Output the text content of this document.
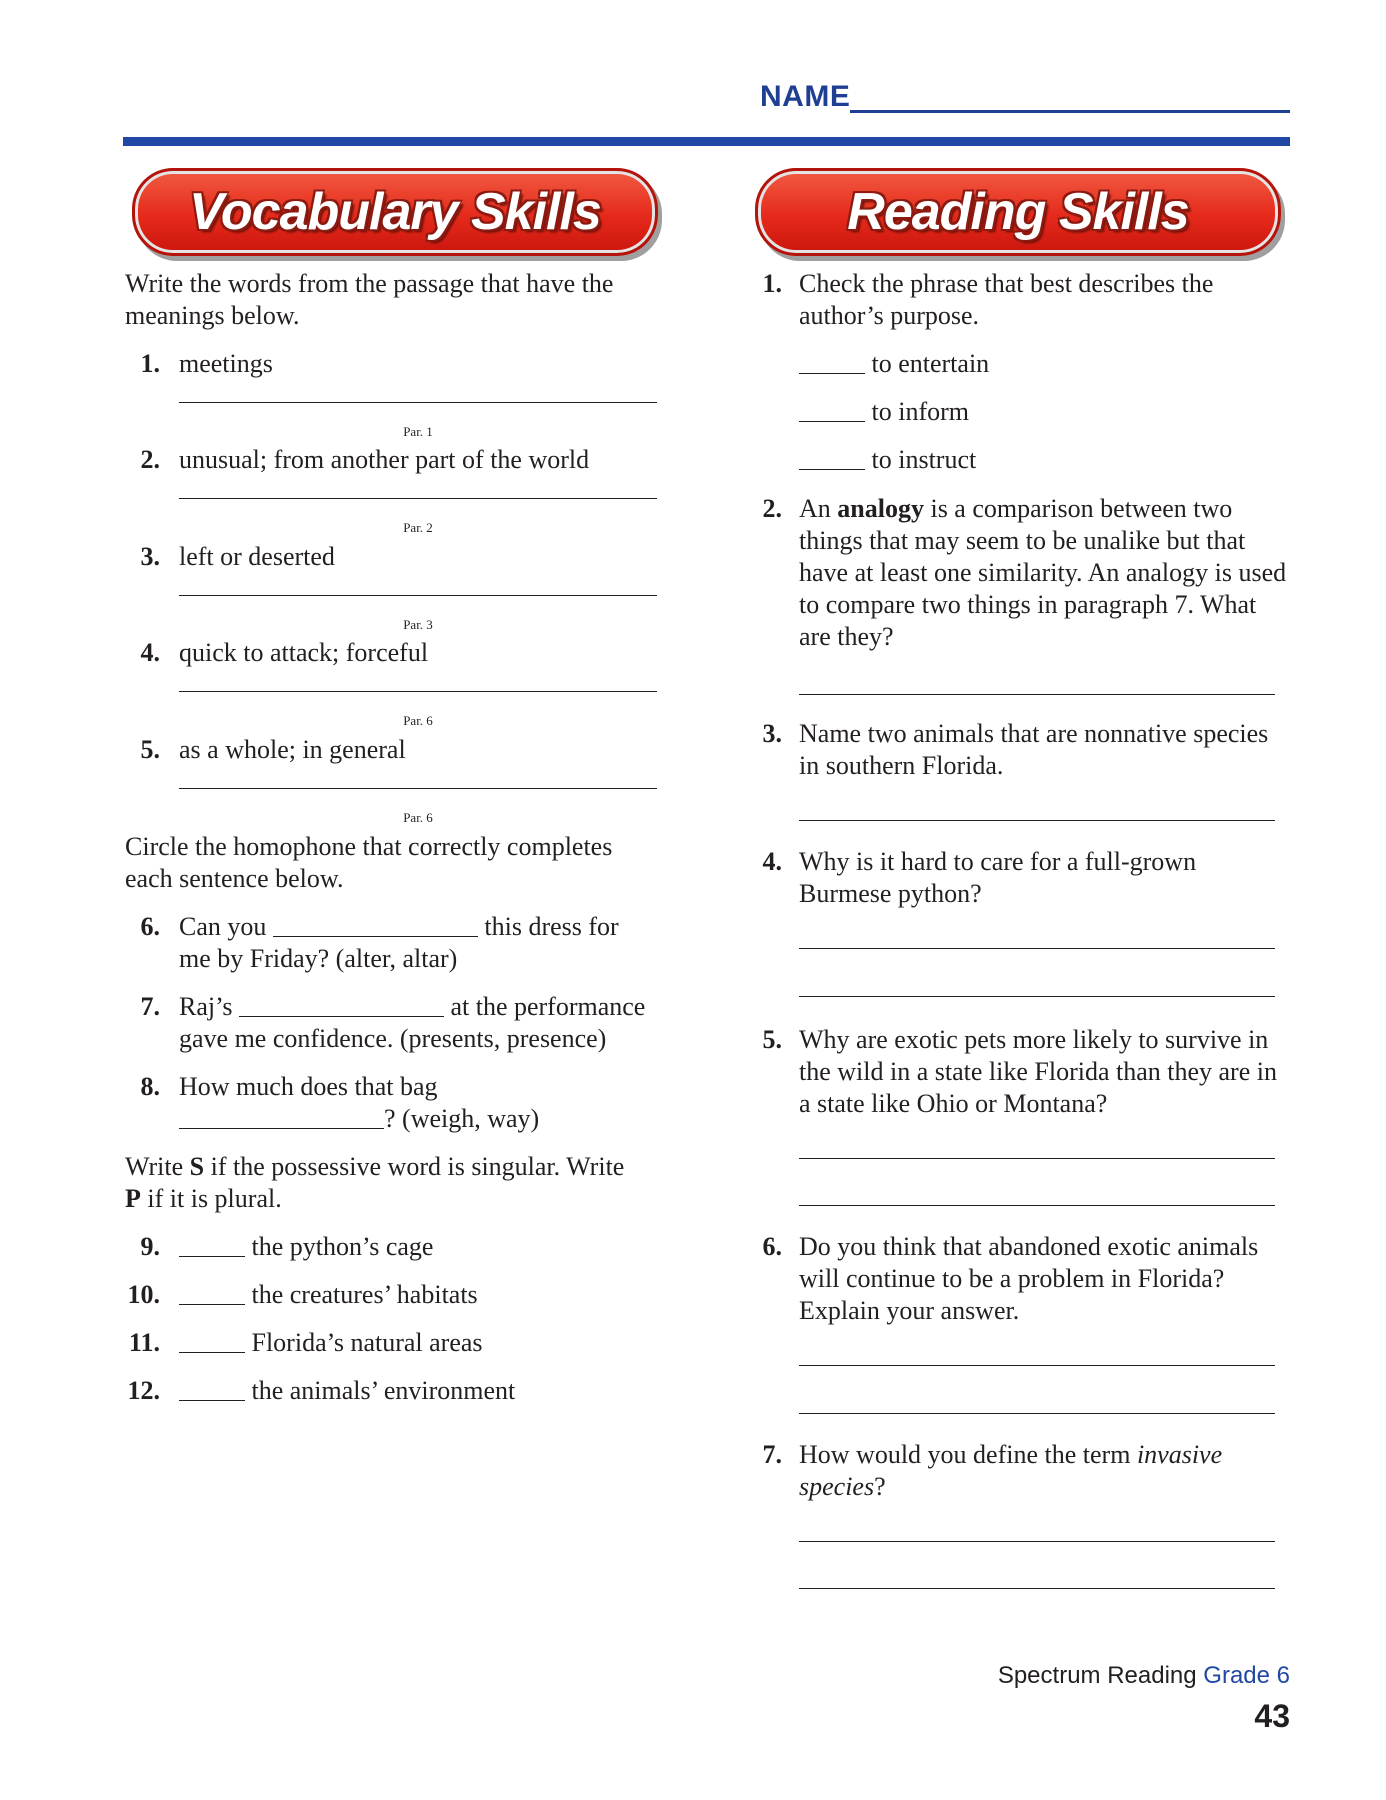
NAME
Vocabulary Skills	Reading Skills
Write the words from the passage that have the meanings below.
1. meetings
Par. 1
2. unusual; from another part of the world
Par. 2
3. left or deserted
Par. 3
4. quick to attack; forceful
Par. 6
5. as a whole; in general
Par. 6
Circle the homophone that correctly completes each sentence below.
6. Can you	this dress for
me by Friday? (alter, altar)
7. Raj’s	at the performance
gave me confidence. (presents, presence)
8. How much does that bag
? (weigh, way)
Write S if the possessive word is singular. Write
P if it is plural.
9.	the python’s cage
10.	the creatures’ habitats
11.	Florida’s natural areas
12.	the animals’ environment
1. Check the phrase that best describes the author’s purpose.
to entertain
to inform
to instruct
2. An analogy is a comparison between two things that may seem to be unalike but that have at least one similarity. An analogy is used to compare two things in paragraph 7. What are they?
3. Name two animals that are nonnative species in southern Florida.
4. Why is it hard to care for a full-grown Burmese python?
5. Why are exotic pets more likely to survive in the wild in a state like Florida than they are in a state like Ohio or Montana?
6. Do you think that abandoned exotic animals will continue to be a problem in Florida? Explain your answer.
7. How would you define the term invasive
species?
Spectrum Reading Grade 6
43
